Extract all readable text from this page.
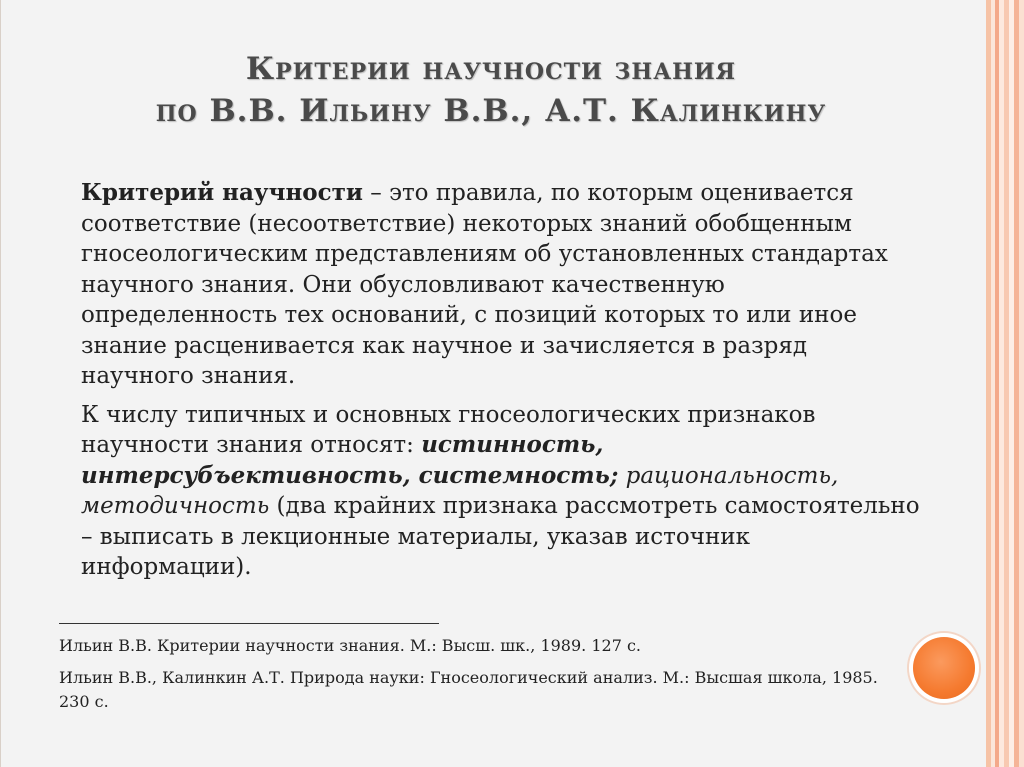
Критерии научности знания
по В.В. Ильину В.В., А.Т. Калинкину

Критерий научности – это правила, по которым оценивается соответствие (несоответствие) некоторых знаний обобщенным гносеологическим представлениям об установленных стандартах научного знания. Они обусловливают качественную определенность тех оснований, с позиций которых то или иное знание расценивается как научное и зачисляется в разряд научного знания.

К числу типичных и основных гносеологических признаков научности знания относят: истинность, интерсубъективность, системность; рациональность, методичность (два крайних признака рассмотреть самостоятельно – выписать в лекционные материалы, указав источник информации).

Ильин В.В. Критерии научности знания. М.: Высш. шк., 1989. 127 с.

Ильин В.В., Калинкин А.Т. Природа науки: Гносеологический анализ. М.: Высшая школа, 1985. 230 с.
